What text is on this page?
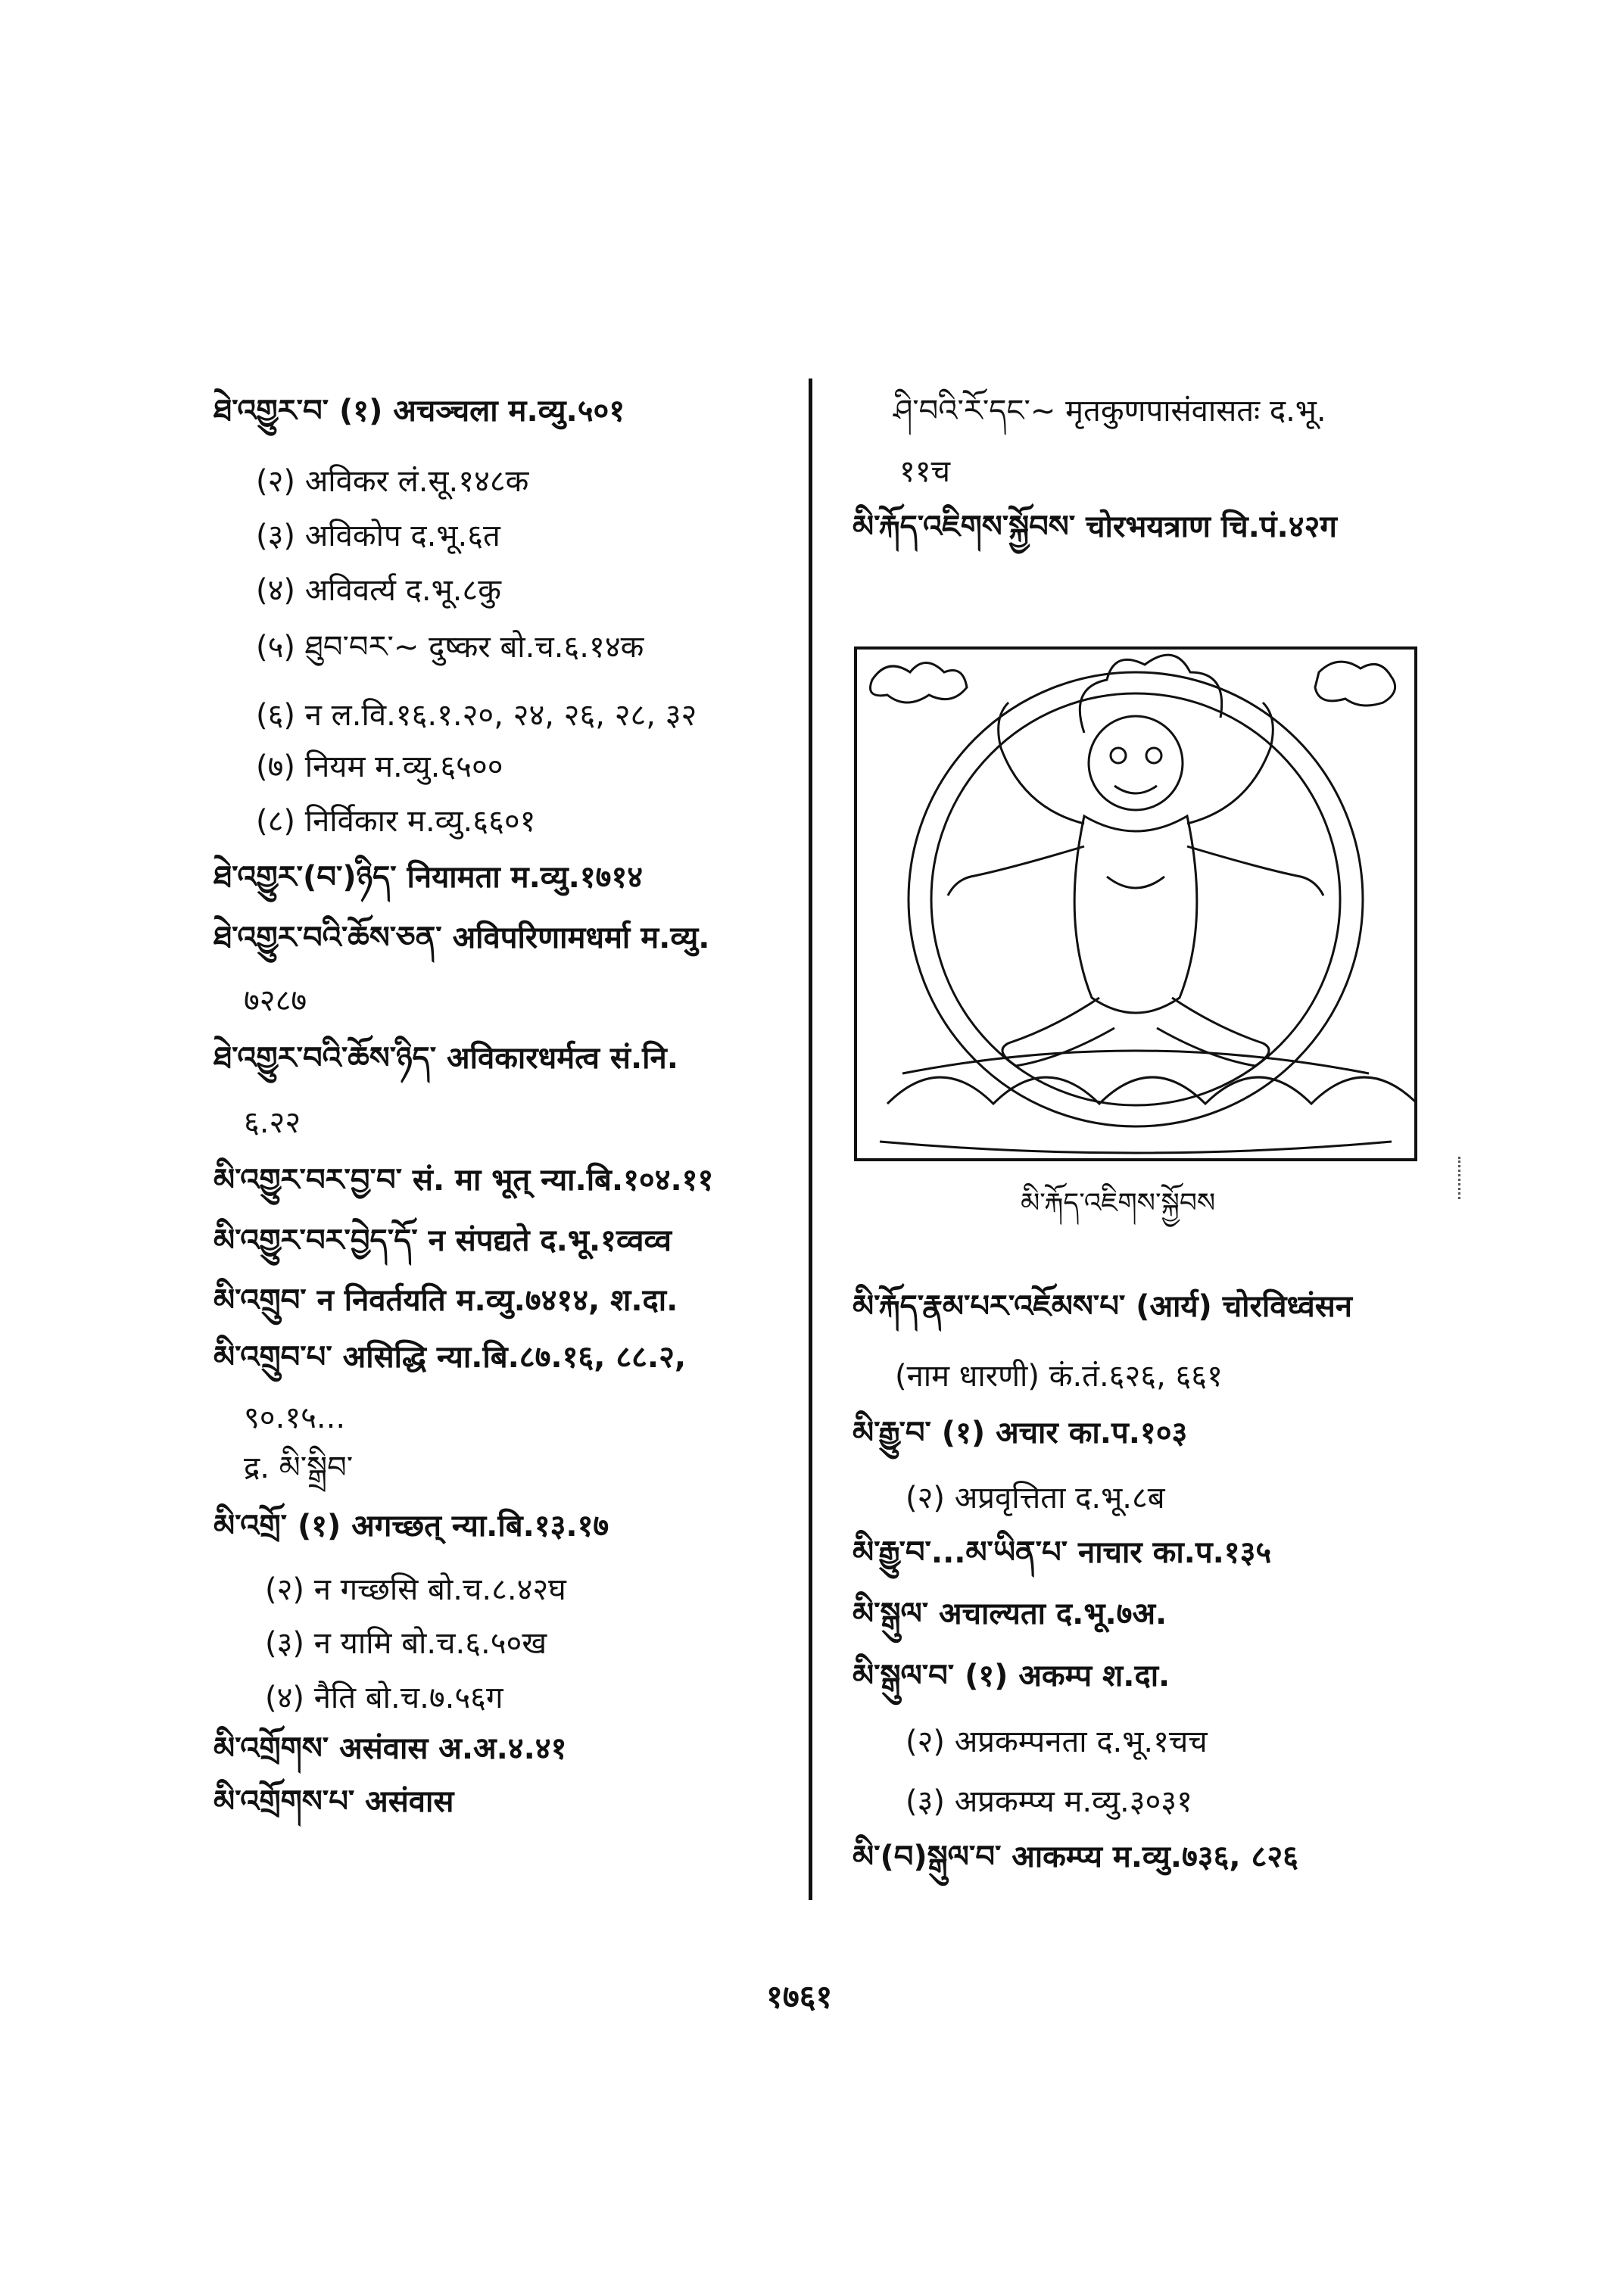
ཐེ་འགྱུར་བ་ (१) अचञ्चला म.व्यु.५०१
(२) अविकर लं.सू.१४८क
(३) अविकोप द.भू.६त
(४) अविवर्त्य द.भू.८कु
(५) ཐུབ་བར་~ दुष्कर बो.च.६.१४क
(६) न ल.वि.१६.१.२०, २४, २६, २८, ३२
(७) नियम म.व्यु.६५००
(८) निर्विकार म.व्यु.६६०१
ཐེ་འགྱུར་(བ་)ཉིད་ नियामता म.व्यु.१७१४
ཐེ་འགྱུར་བའི་ཆོས་ཅན་ अविपरिणामधर्मा म.व्यु.
७२८७
ཐེ་འགྱུར་བའི་ཆོས་ཉིད་ अविकारधर्मत्व सं.नि.
६.२२
མི་འགྱུར་བར་བྱ་བ་ सं. मा भूत् न्या.बि.१०४.११
མི་འགྱུར་བར་བྱེད་དོ་ न संपद्यते द.भू.१व्वव्व
མི་འགྲུབ་ न निवर्तयति म.व्यु.७४१४, श.दा.
མི་འགྲུབ་པ་ असिद्धि न्या.बि.८७.१६, ८८.२,
९०.१५...
द्र. མི་སྒྲིབ་
མི་འགྲོ་ (१) अगच्छत् न्या.बि.१३.१७
(२) न गच्छसि बो.च.८.४२घ
(३) न यामि बो.च.६.५०ख
(४) नैति बो.च.७.५६ग
མི་འགྲོགས་ असंवास अ.अ.४.४१
མི་འགྲོགས་པ་ असंवास
ཤི་བའི་རོ་དང་~ मृतकुणपासंवासतः द.भू.
११च
མི་རྐོད་འཇིགས་སྐྱོབས་ चोरभयत्राण चि.पं.४२ग
མི་རྐོད་འཇིགས་སྐྱོབས
མི་རྐོད་རྣམ་པར་འཇོམས་པ་ (आर्य) चोरविध्वंसन
(नाम धारणी) कं.तं.६२६, ६६१
མི་རྒྱུ་བ་ (१) अचार का.प.१०३
(२) अप्रवृत्तिता द.भू.८ब
མི་རྒྱུ་བ་...མ་ཡིན་པ་ नाचार का.प.१३५
མི་སྒུལ་ अचाल्यता द.भू.७अ.
མི་སྒུལ་བ་ (१) अकम्प श.दा.
(२) अप्रकम्पनता द.भू.१चच
(३) अप्रकम्प्य म.व्यु.३०३१
མི་(བ)སྒུལ་བ་ आकम्प्य म.व्यु.७३६, ८२६
१७६१
